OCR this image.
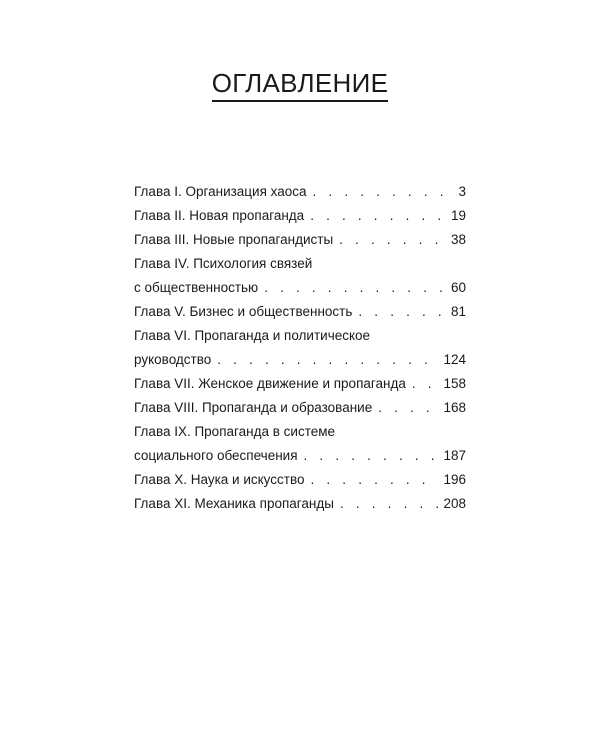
ОГЛАВЛЕНИЕ
Глава I. Организация хаоса . . .	3
Глава II. Новая пропаганда . . .	19
Глава III. Новые пропагандисты . . .	38
Глава IV. Психология связей
с общественностью . . .	60
Глава V. Бизнес и общественность . . .	81
Глава VI. Пропаганда и политическое
руководство . . .	124
Глава VII. Женское движение и пропаганда . . .	158
Глава VIII. Пропаганда и образование . . .	168
Глава IX. Пропаганда в системе
социального обеспечения . . .	187
Глава X. Наука и искусство . . .	196
Глава XI. Механика пропаганды . . .	208
